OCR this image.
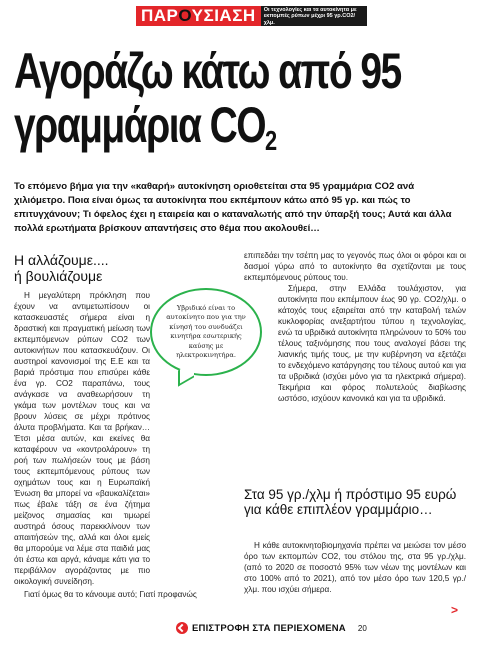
ΠΑΡΟΥΣΙΑΣΗ	Οι τεχνολογίες και τα αυτοκίνητα με εκπομπές ρύπων μέχρι 95 γρ.CO2/χλμ.
Αγοράζω κάτω από 95
γραμμάρια $CO_2$
Το επόμενο βήμα για την «καθαρή» αυτοκίνηση οριοθετείται στα 95 γραμμάρια CO2 ανά χιλιόμετρο. Ποια είναι όμως τα αυτοκίνητα που εκπέμπουν κάτω από 95 γρ. και πώς το επιτυγχάνουν; Τι όφελος έχει η εταιρεία και ο καταναλωτής από την ύπαρξή τους; Αυτά και άλλα πολλά ερωτήματα βρίσκουν απαντήσεις στο θέμα που ακολουθεί…
Η αλλάζουμε....
ή βουλιάζουμε

Η μεγαλύτερη πρόκληση που έχουν να αντιμετωπίσουν οι κατασκευαστές σήμερα είναι η δραστική και πραγματική μείωση των εκπεμπόμενων ρύπων CO2 των αυτοκινήτων που κατασκευάζουν. Οι αυστηροί κανονισμοί της Ε.Ε και τα βαριά πρόστιμα που επισύρει κάθε ένα γρ. CO2 παραπάνω, τους ανάγκασε να αναθεωρήσουν τη γκάμα των μοντέλων τους και να βρουν λύσεις σε μέχρι πρότινος άλυτα προβλήματα. Και τα βρήκαν… Έτσι μέσα αυτών, και εκείνες θα καταφέρουν να «κοντρολάρουν» τη ροή των πωλήσεών τους με βάση τους εκπεμπόμενους ρύπους των οχημάτων τους και η Ευρωπαϊκή Ένωση θα μπορεί να «βαυκαλίζεται» πως έβαλε τάξη σε ένα ζήτημα μείζονος σημασίας και τιμωρεί αυστηρά όσους παρεκκλίνουν των απαιτήσεών της, αλλά και όλοι εμείς θα μπορούμε να λέμε στα παιδιά μας ότι έστω και αργά, κάναμε κάτι για το περιβάλλον αγοράζοντας με πιο οικολογική συνείδηση.

Γιατί όμως θα το κάνουμε αυτό; Γιατί προφανώς

επιπεδάει την τσέπη μας το γεγονός πως όλοι οι φόροι και οι δασμοί γύρω από το αυτοκίνητο θα σχετίζονται με τους εκπεμπόμενους ρύπους του.

Σήμερα, στην Ελλάδα τουλάχιστον, για αυτοκίνητα που εκπέμπουν έως 90 γρ. CO2/χλμ. ο κάτοχός τους εξαιρείται από την καταβολή τελών κυκλοφορίας ανεξαρτήτου τύπου η τεχνολογίας, ενώ τα υβριδικά αυτοκίνητα πληρώνουν το 50% του τέλους ταξινόμησης που τους αναλογεί βάσει της λιανικής τιμής τους, με την κυβέρνηση να εξετάζει το ενδεχόμενο κατάργησης του τέλους αυτού και για τα υβριδικά (ισχύει μόνο για τα ηλεκτρικά σήμερα). Τεκμήρια και φόρος πολυτελούς διαβίωσης ωστόσο, ισχύουν κανονικά και για τα υβριδικά.

Στα 95 γρ./χλμ ή πρόστιμο 95 ευρώ για κάθε επιπλέον γραμμάριο…

Η κάθε αυτοκινητοβιομηχανία πρέπει να μειώσει τον μέσο όρο των εκπομπών CO2, του στόλου της, στα 95 γρ./χλμ. (από το 2020 σε ποσοστό 95% των νέων της μοντέλων και στο 100% από το 2021), από τον μέσο όρο των 120,5 γρ./ χλμ. που ισχύει σήμερα.

Υβριδικό είναι το αυτοκίνητο που για την κίνησή του συνδυάζει κινητήρα εσωτερικής καύσης με ηλεκτροκινητήρα.
ΕΠΙΣΤΡΟΦΗ ΣΤΑ ΠΕΡΙΕΧΟΜΕΝΑ 20
>
